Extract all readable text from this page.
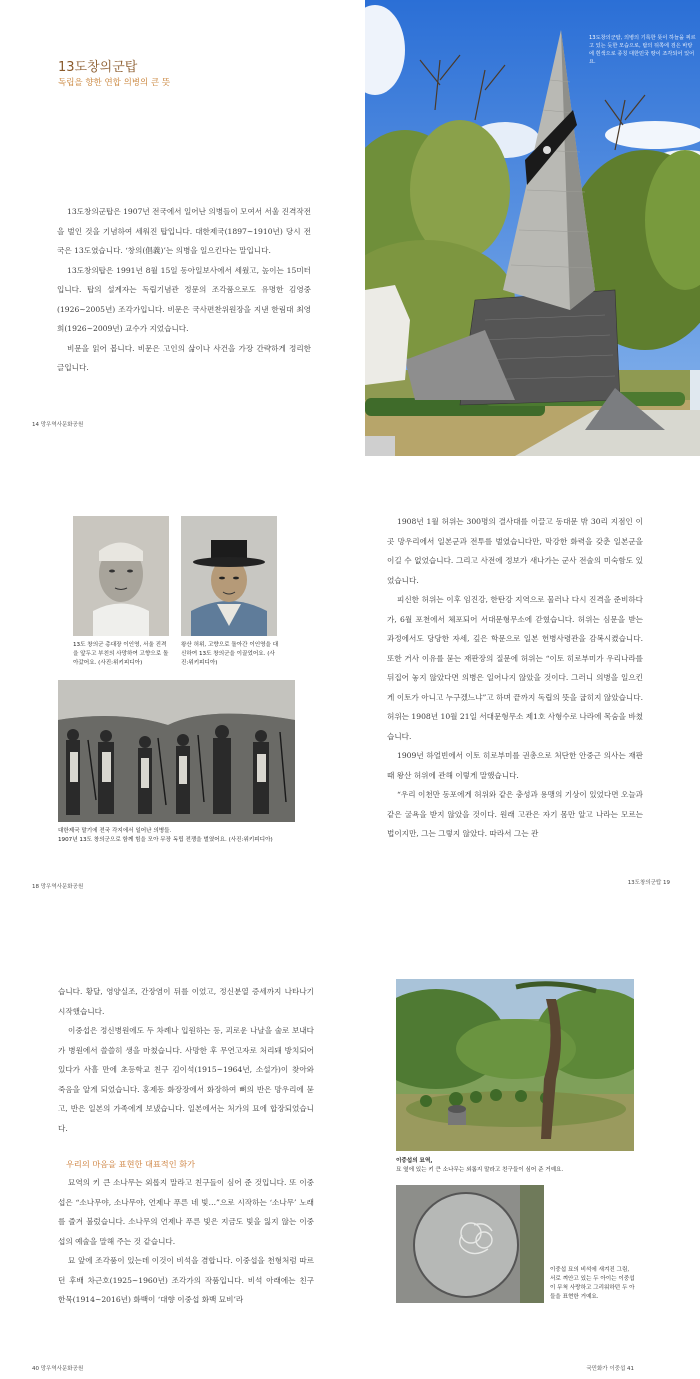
13도창의군탑
독립을 향한 연합 의병의 큰 뜻

13도창의군탑은 1907년 전국에서 일어난 의병들이 모여서 서울 진격작전을 벌인 것을 기념하여 세워진 탑입니다. 대한제국(1897~1910년) 당시 전국은 13도였습니다. ‘창의(倡義)’는 의병을 일으킨다는 말입니다.

13도창의탑은 1991년 8월 15일 동아일보사에서 세웠고, 높이는 15미터입니다. 탑의 설계자는 독립기념관 정문의 조각품으로도 유명한 김영중(1926~2005년) 조각가입니다. 비문은 국사편찬위원장을 지낸 한림대 최영희(1926~2009년) 교수가 지었습니다.

비문을 읽어 봅니다. 비문은 고인의 삶이나 사건을 가장 간략하게 정리한 글입니다.

14 망우역사문화공원
13도창의군탑, 의병의 기록한 뜻이 하늘을 찌르고 있는 듯한 모습으로, 탑의 뒤쪽에 검은 바탕에 흰색으로 종칭 대한민국 땅이 조각되어 있어요.
13도 창의군 총대장 이인영, 서울 진격을 앞두고 부친의 사망하여 고향으로 돌아갔어요. (사진:위키피디아)
왕산 허위, 고향으로 돌아간 이인영을 대신하여 13도 창의군을 이끌었어요. (사진:위키피디아)
대한제국 말기에 전국 각지에서 일어난 의병들.
1907년 13도 창의군으로 함께 힘을 모아 무장 독립 전쟁을 벌였어요. (사진:위키피디아)

1908년 1월 허위는 300명의 결사대를 이끌고 동대문 밖 30리 지점인 이곳 망우리에서 일본군과 전투를 벌였습니다만, 막강한 화력을 갖춘 일본군을 이길 수 없었습니다. 그리고 사전에 정보가 새나가는 군사 전술의 미숙함도 있었습니다.

피신한 허위는 이후 임진강, 한탄강 지역으로 물러나 다시 진격을 준비하다가, 6월 포천에서 체포되어 서대문형무소에 갇혔습니다. 허위는 심문을 받는 과정에서도 당당한 자세, 깊은 학문으로 일본 헌병사령관을 감복시켰습니다. 또한 거사 이유를 묻는 재판장의 질문에 허위는 “이토 히로부미가 우리나라를 뒤집어 놓지 않았다면 의병은 일어나지 않았을 것이다. 그러니 의병을 일으킨 게 이토가 아니고 누구겠느냐”고 하며 끝까지 독립의 뜻을 굽히지 않았습니다. 허위는 1908년 10월 21일 서대문형무소 제1호 사형수로 나라에 목숨을 바쳤습니다.

1909년 하얼빈에서 이토 히로부미를 권총으로 처단한 안중근 의사는 재판 때 왕산 허위에 관해 이렇게 말했습니다.

“우리 이천만 동포에게 허위와 같은 충성과 용맹의 기상이 있었다면 오늘과 같은 굴욕을 받지 않았을 것이다. 원래 고관은 자기 몸만 알고 나라는 모르는 법이지만, 그는 그렇지 않았다. 따라서 그는 관

18 망우역사문화공원
13도창의군탑 19

습니다. 황달, 영양실조, 간장염이 뒤를 이었고, 정신분열 증세까지 나타나기 시작했습니다.

이중섭은 정신병원에도 두 차례나 입원하는 등, 괴로운 나날을 술로 보내다가 병원에서 쓸쓸히 생을 마쳤습니다. 사망한 후 무연고자로 처리돼 방치되어 있다가 사흘 만에 초등학교 친구 김이석(1915~1964년, 소설가)이 찾아와 죽음을 알게 되었습니다. 홍제동 화장장에서 화장하여 뼈의 반은 망우리에 묻고, 반은 일본의 가족에게 보냈습니다. 일본에서는 처가의 묘에 합장되었습니다.

우리의 마음을 표현한 대표적인 화가

묘역의 키 큰 소나무는 외롭지 말라고 친구들이 심어 준 것입니다. 또 이중섭은 “소나무야, 소나무야, 언제나 푸른 네 빛…”으로 시작하는 ‘소나무’ 노래를 즐겨 불렀습니다. 소나무의 언제나 푸른 빛은 지금도 빛을 잃지 않는 이중섭의 예술을 말해 주는 것 같습니다.

묘 앞에 조각품이 있는데 이것이 비석을 겸합니다. 이중섭을 천형처럼 따르던 후배 차근호(1925~1960년) 조각가의 작품입니다. 비석 아래에는 친구 한묵(1914~2016년) 화백이 ‘대향 이중섭 화백 묘비’라

이중섭의 묘역,
묘 옆에 있는 키 큰 소나무는 외롭지 말라고 친구들이 심어 준 거예요.
이중섭 묘의 비석에 새겨진 그림, 서로 껴안고 있는 두 아이는 이중섭이 무척 사랑하고 그리워하던 두 아들을 표현한 거예요.
40 망우역사문화공원	국민화가 이중섭 41
